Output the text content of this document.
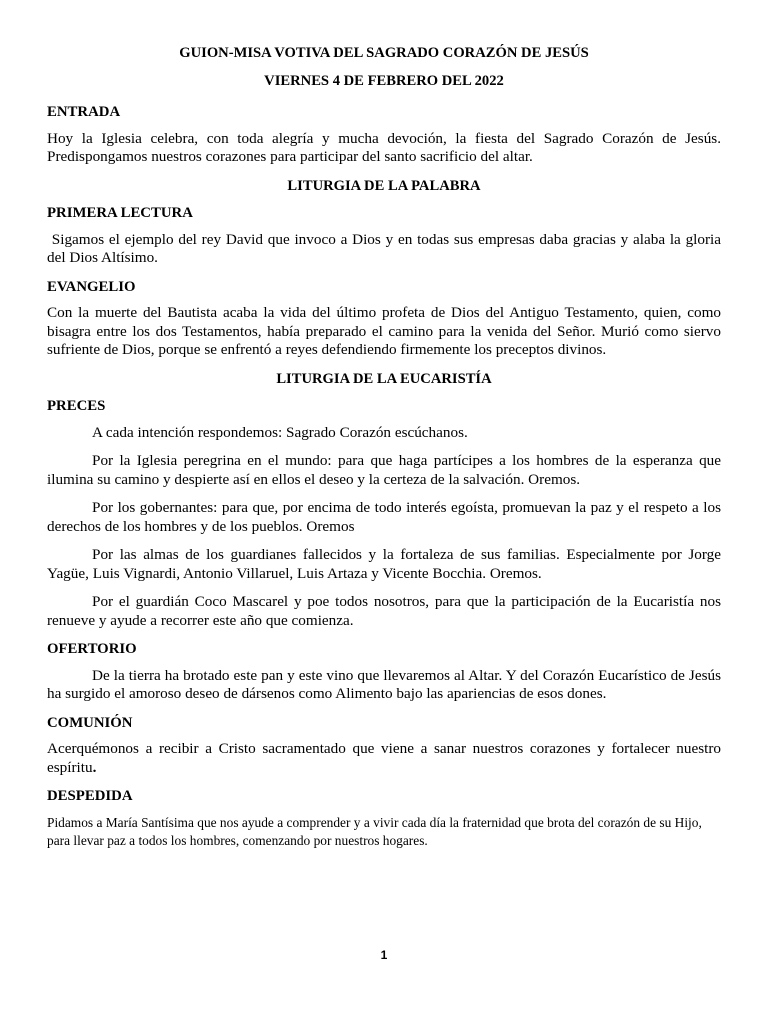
GUION-MISA VOTIVA DEL SAGRADO CORAZÓN DE JESÚS
VIERNES 4 DE FEBRERO DEL 2022
ENTRADA

Hoy la Iglesia celebra, con toda alegría y mucha devoción, la fiesta del Sagrado Corazón de Jesús. Predispongamos nuestros corazones para participar del santo sacrificio del altar.

LITURGIA DE LA PALABRA
PRIMERA LECTURA

Sigamos el ejemplo del rey David que invoco a Dios y en todas sus empresas daba gracias y alaba la gloria del Dios Altísimo.

EVANGELIO

Con la muerte del Bautista acaba la vida del último profeta de Dios del Antiguo Testamento, quien, como bisagra entre los dos Testamentos, había preparado el camino para la venida del Señor. Murió como siervo sufriente de Dios, porque se enfrentó a reyes defendiendo firmemente los preceptos divinos.

LITURGIA DE LA EUCARISTÍA
PRECES

A cada intención respondemos: Sagrado Corazón escúchanos.

Por la Iglesia peregrina en el mundo: para que haga partícipes a los hombres de la esperanza que ilumina su camino y despierte así en ellos el deseo y la certeza de la salvación. Oremos.

Por los gobernantes: para que, por encima de todo interés egoísta, promuevan la paz y el respeto a los derechos de los hombres y de los pueblos. Oremos

Por las almas de los guardianes fallecidos y la fortaleza de sus familias. Especialmente por Jorge Yagüe, Luis Vignardi, Antonio Villaruel, Luis Artaza y Vicente Bocchia. Oremos.

Por el guardián Coco Mascarel y poe todos nosotros, para que la participación de la Eucaristía nos renueve y ayude a recorrer este año que comienza.

OFERTORIO

De la tierra ha brotado este pan y este vino que llevaremos al Altar. Y del Corazón Eucarístico de Jesús ha surgido el amoroso deseo de dársenos como Alimento bajo las apariencias de esos dones.

COMUNIÓN

Acerquémonos a recibir a Cristo sacramentado que viene a sanar nuestros corazones y fortalecer nuestro espíritu.

DESPEDIDA

Pidamos a María Santísima que nos ayude a comprender y a vivir cada día la fraternidad que brota del corazón de su Hijo, para llevar paz a todos los hombres, comenzando por nuestros hogares.

1
